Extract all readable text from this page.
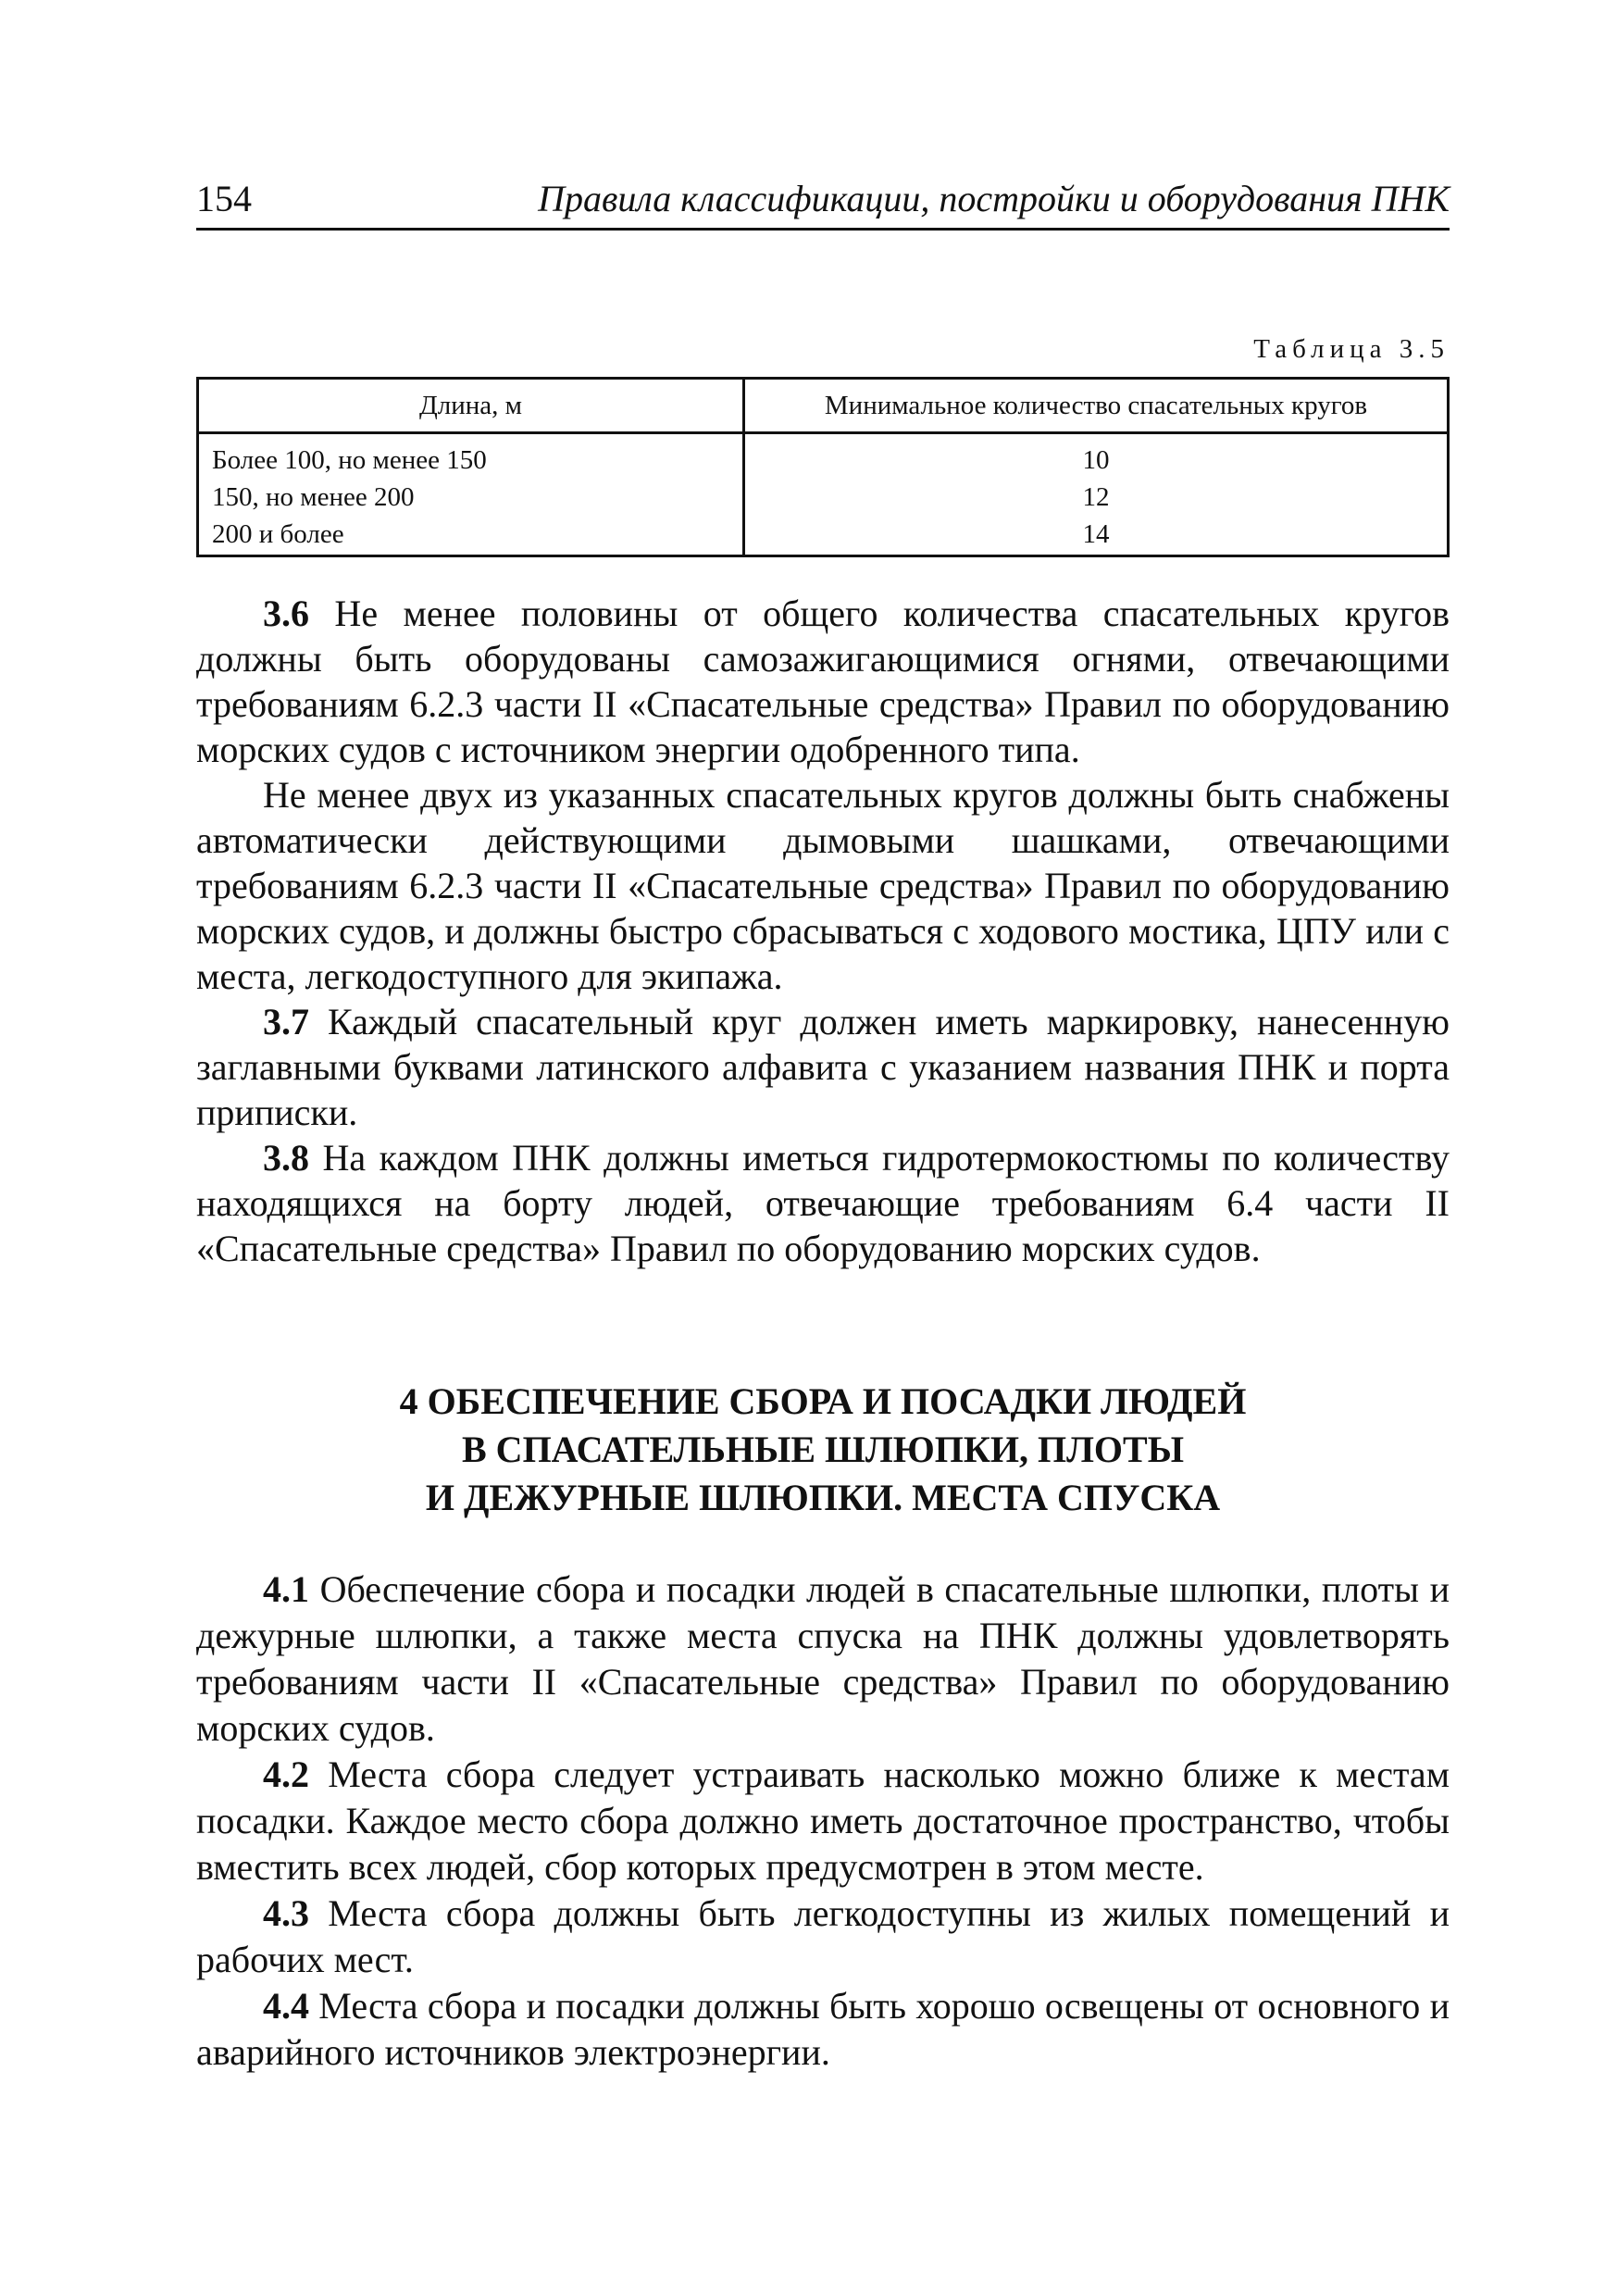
154	Правила классификации, постройки и оборудования ПНК
Таблица 3.5
Длина, м	Минимальное количество спасательных кругов
Более 100, но менее 150	10
150, но менее 200	12
200 и более	14

3.6 Не менее половины от общего количества спасательных кругов должны быть оборудованы самозажигающимися огнями, отвечающими требованиям 6.2.3 части II «Спасательные средства» Правил по оборудованию морских судов с источником энергии одобренного типа.

Не менее двух из указанных спасательных кругов должны быть снабжены автоматически действующими дымовыми шашками, отвечающими требованиям 6.2.3 части II «Спасательные средства» Правил по оборудованию морских судов, и должны быстро сбрасываться с ходового мостика, ЦПУ или с места, легкодоступного для экипажа.

3.7 Каждый спасательный круг должен иметь маркировку, нанесенную заглавными буквами латинского алфавита с указанием названия ПНК и порта приписки.

3.8 На каждом ПНК должны иметься гидротермокостюмы по количеству находящихся на борту людей, отвечающие требованиям 6.4 части II «Спасательные средства» Правил по оборудованию морских судов.

4 ОБЕСПЕЧЕНИЕ СБОРА И ПОСАДКИ ЛЮДЕЙ
В СПАСАТЕЛЬНЫЕ ШЛЮПКИ, ПЛОТЫ
И ДЕЖУРНЫЕ ШЛЮПКИ. МЕСТА СПУСКА

4.1 Обеспечение сбора и посадки людей в спасательные шлюпки, плоты и дежурные шлюпки, а также места спуска на ПНК должны удовлетворять требованиям части II «Спасательные средства» Правил по оборудованию морских судов.

4.2 Места сбора следует устраивать насколько можно ближе к местам посадки. Каждое место сбора должно иметь достаточное пространство, чтобы вместить всех людей, сбор которых предусмотрен в этом месте.

4.3 Места сбора должны быть легкодоступны из жилых помещений и рабочих мест.

4.4 Места сбора и посадки должны быть хорошо освещены от основного и аварийного источников электроэнергии.
